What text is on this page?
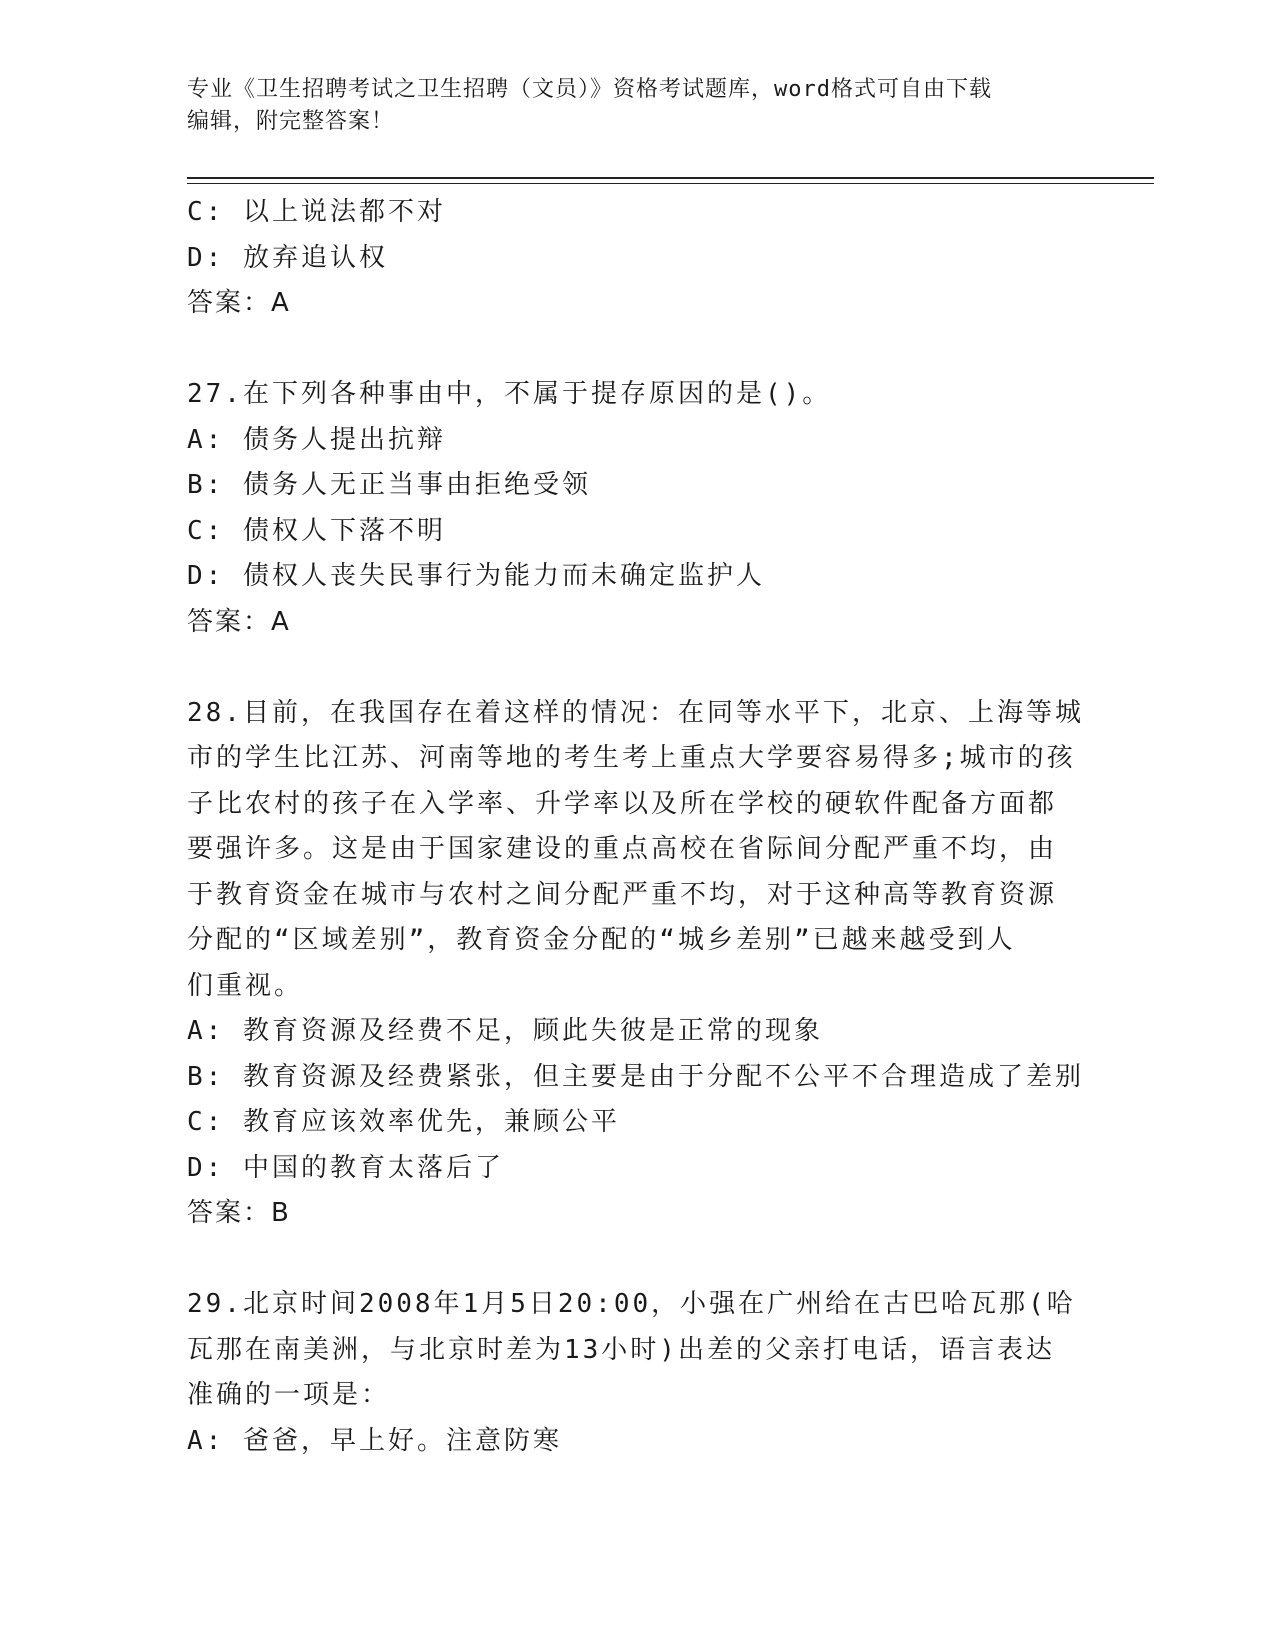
专业《卫生招聘考试之卫生招聘（文员）》资格考试题库，word格式可自由下载
编辑，附完整答案！
C: 以上说法都不对
D: 放弃追认权
答案：A
27.在下列各种事由中，不属于提存原因的是()。
A: 债务人提出抗辩
B: 债务人无正当事由拒绝受领
C: 债权人下落不明
D: 债权人丧失民事行为能力而未确定监护人
答案：A
28.目前，在我国存在着这样的情况：在同等水平下，北京、上海等城
市的学生比江苏、河南等地的考生考上重点大学要容易得多;城市的孩
子比农村的孩子在入学率、升学率以及所在学校的硬软件配备方面都
要强许多。这是由于国家建设的重点高校在省际间分配严重不均，由
于教育资金在城市与农村之间分配严重不均，对于这种高等教育资源
分配的“区域差别”，教育资金分配的“城乡差别”已越来越受到人
们重视。
A: 教育资源及经费不足，顾此失彼是正常的现象
B: 教育资源及经费紧张，但主要是由于分配不公平不合理造成了差别
C: 教育应该效率优先，兼顾公平
D: 中国的教育太落后了
答案：B
29.北京时间2008年1月5日20:00，小强在广州给在古巴哈瓦那(哈
瓦那在南美洲，与北京时差为13小时)出差的父亲打电话，语言表达
准确的一项是：
A: 爸爸，早上好。注意防寒
